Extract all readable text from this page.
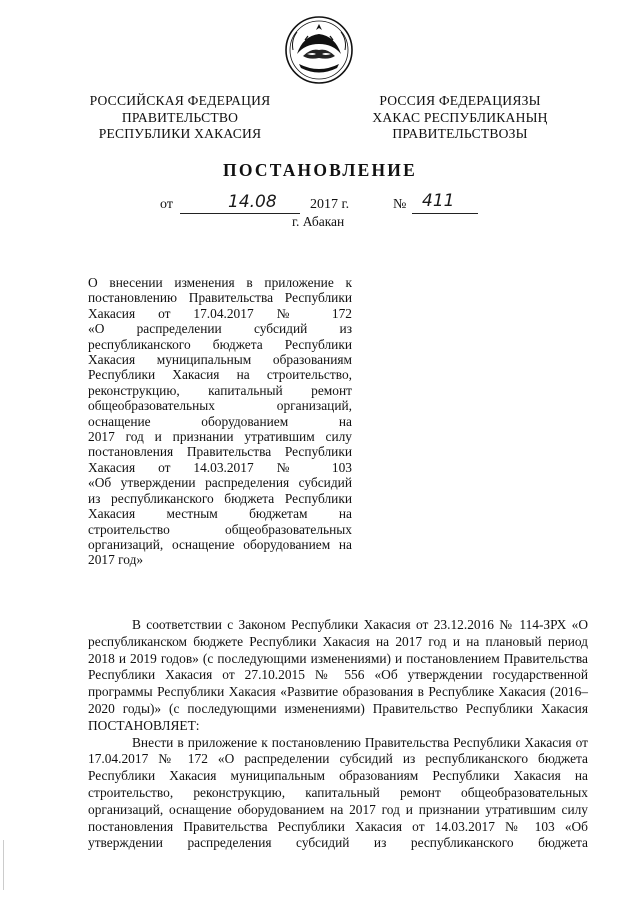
РОССИЙСКАЯ ФЕДЕРАЦИЯ
ПРАВИТЕЛЬСТВО
РЕСПУБЛИКИ ХАКАСИЯ
РОССИЯ ФЕДЕРАЦИЯЗЫ
ХАКАС РЕСПУБЛИКАНЫҢ
ПРАВИТЕЛЬСТВОЗЫ
ПОСТАНОВЛЕНИЕ
от	14.08 2017 г.	№ 411
г. Абакан

О внесении изменения в приложение к

постановлению Правительства Республики

Хакасия от 17.04.2017 № 172

«О распределении субсидий из

республиканского бюджета Республики

Хакасия муниципальным образованиям

Республики Хакасия на строительство,

реконструкцию, капитальный ремонт

общеобразовательных организаций,

оснащение оборудованием на

2017 год и признании утратившим силу

постановления Правительства Республики

Хакасия от 14.03.2017 № 103

«Об утверждении распределения субсидий

из республиканского бюджета Республики

Хакасия местным бюджетам на

строительство общеобразовательных

организаций, оснащение оборудованием на

2017 год»

В соответствии с Законом Республики Хакасия от 23.12.2016 № 114-ЗРХ «О республиканском бюджете Республики Хакасия на 2017 год и на плановый период 2018 и 2019 годов» (с последующими изменениями) и постановлением Правительства Республики Хакасия от 27.10.2015 № 556 «Об утверждении государственной программы Республики Хакасия «Развитие образования в Республике Хакасия (2016–2020 годы)» (с последующими изменениями) Правительство Республики Хакасия ПОСТАНОВЛЯЕТ:

Внести в приложение к постановлению Правительства Республики Хакасия от 17.04.2017 № 172 «О распределении субсидий из республиканского бюджета Республики Хакасия муниципальным образованиям Республики Хакасия на строительство, реконструкцию, капитальный ремонт общеобразовательных организаций, оснащение оборудованием на 2017 год и признании утратившим силу постановления Правительства Республики Хакасия от 14.03.2017 № 103 «Об утверждении распределения субсидий из республиканского бюджета
